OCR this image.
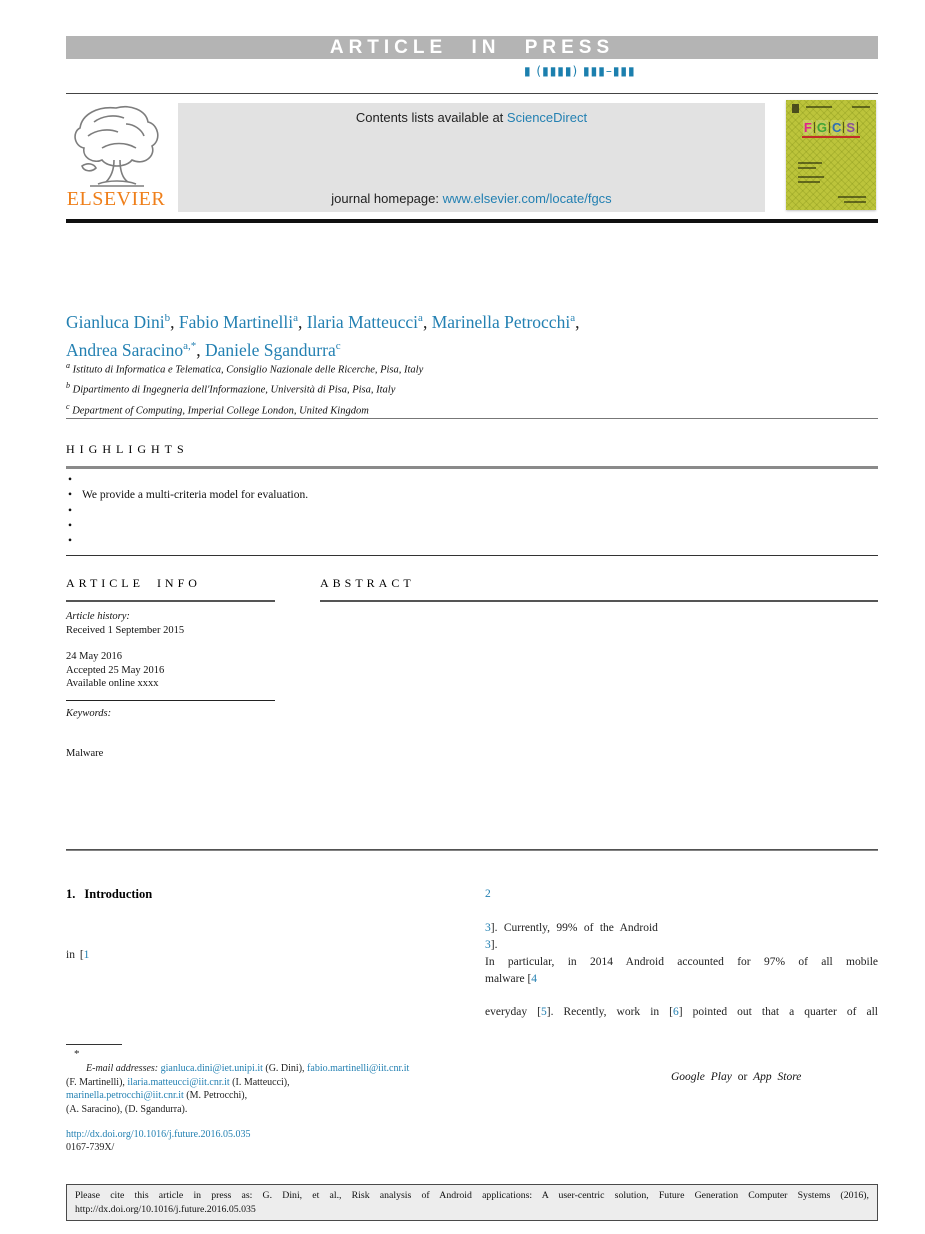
ARTICLE IN PRESS
▮ (▮▮▮▮) ▮▮▮–▮▮▮
ELSEVIER
Contents lists available at ScienceDirect
journal homepage: www.elsevier.com/locate/fgcs
F G C S
Gianluca Dini$^b$, Fabio Martinelli$^a$, Ilaria Matteucci$^a$, Marinella Petrocchi$^a$,
Andrea Saracino$^{a,*}$, Daniele Sgandurra$^c$
$^a$ Istituto di Informatica e Telematica, Consiglio Nazionale delle Ricerche, Pisa, Italy
$^b$ Dipartimento di Ingegneria dell'Informazione, Università di Pisa, Pisa, Italy
$^c$ Department of Computing, Imperial College London, United Kingdom
HIGHLIGHTS
•
• We provide a multi-criteria model for evaluation.
•
•
•
ARTICLE INFO
Article history:
Received 1 September 2015
24 May 2016
Accepted 25 May 2016
Available online xxxx
Keywords:
Malware
ABSTRACT
1. Introduction
in [1
2
3]. Currently, 99% of the Android
3].
In particular, in 2014 Android accounted for 97% of all mobile
malware [4
everyday [5]. Recently, work in [6] pointed out that a quarter of all
Google Play or App Store
*
E-mail addresses: gianluca.dini@iet.unipi.it (G. Dini), fabio.martinelli@iit.cnr.it
(F. Martinelli), ilaria.matteucci@iit.cnr.it (I. Matteucci),
marinella.petrocchi@iit.cnr.it (M. Petrocchi),
(A. Saracino), (D. Sgandurra).
http://dx.doi.org/10.1016/j.future.2016.05.035
0167-739X/
Please cite this article in press as: G. Dini, et al., Risk analysis of Android applications: A user-centric solution, Future Generation Computer Systems (2016),
http://dx.doi.org/10.1016/j.future.2016.05.035
